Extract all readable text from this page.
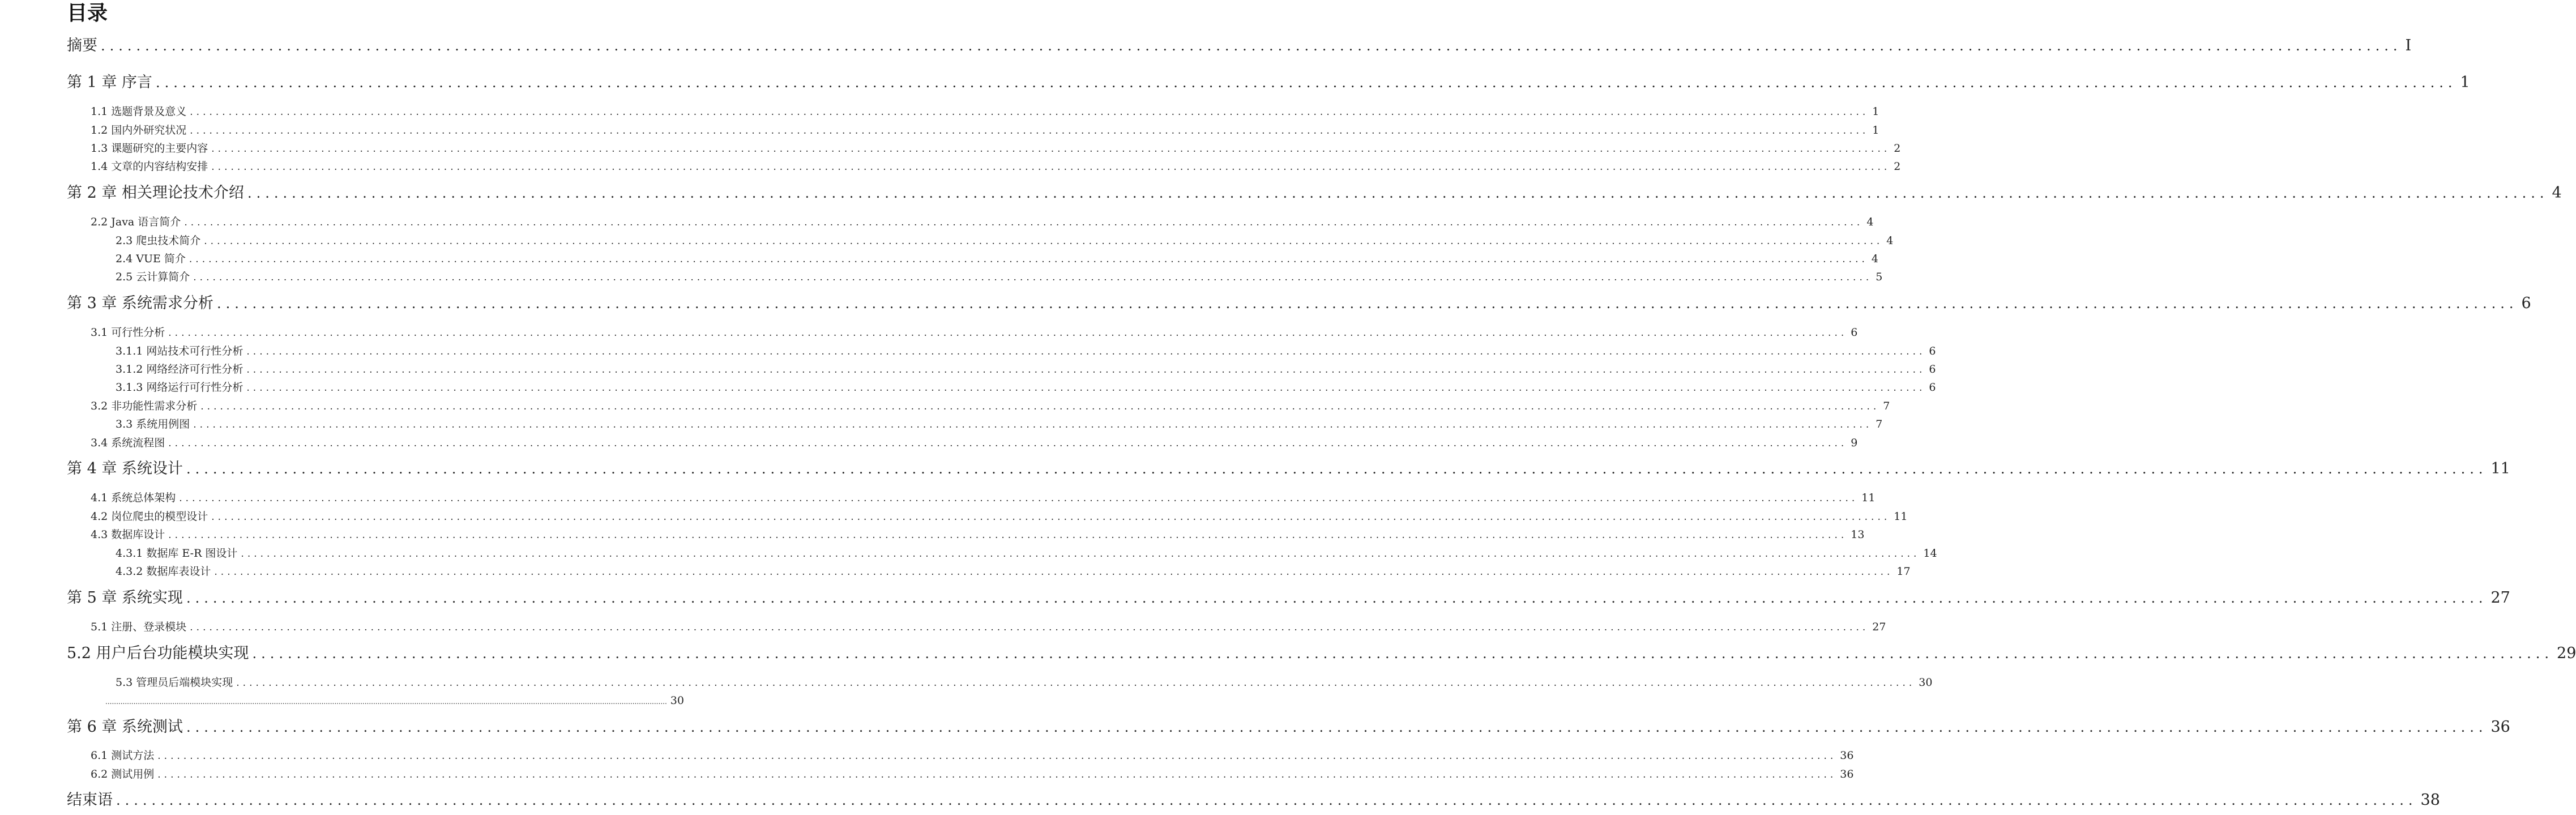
目录
摘要 .................................................................................................................................................................................................................................................................... I
第 1 章 序言 .................................................................................................................................................................................................................................................................... 1
1.1 选题背景及意义 .................................................................................................................................................................................................................................................................... 1
1.2 国内外研究状况 .................................................................................................................................................................................................................................................................... 1
1.3 课题研究的主要内容 .................................................................................................................................................................................................................................................................... 2
1.4 文章的内容结构安排 .................................................................................................................................................................................................................................................................... 2
第 2 章 相关理论技术介绍 .................................................................................................................................................................................................................................................................... 4
2.2 Java 语言简介 .................................................................................................................................................................................................................................................................... 4
2.3 爬虫技术简介 .................................................................................................................................................................................................................................................................... 4
2.4 VUE 简介 .................................................................................................................................................................................................................................................................... 4
2.5 云计算简介 .................................................................................................................................................................................................................................................................... 5
第 3 章 系统需求分析 .................................................................................................................................................................................................................................................................... 6
3.1 可行性分析 .................................................................................................................................................................................................................................................................... 6
3.1.1 网站技术可行性分析 .................................................................................................................................................................................................................................................................... 6
3.1.2 网络经济可行性分析 .................................................................................................................................................................................................................................................................... 6
3.1.3 网络运行可行性分析 .................................................................................................................................................................................................................................................................... 6
3.2 非功能性需求分析 .................................................................................................................................................................................................................................................................... 7
3.3 系统用例图 .................................................................................................................................................................................................................................................................... 7
3.4 系统流程图 .................................................................................................................................................................................................................................................................... 9
第 4 章 系统设计 .................................................................................................................................................................................................................................................................... 11
4.1 系统总体架构 .................................................................................................................................................................................................................................................................... 11
4.2 岗位爬虫的模型设计 .................................................................................................................................................................................................................................................................... 11
4.3 数据库设计 .................................................................................................................................................................................................................................................................... 13
4.3.1 数据库 E-R 图设计 .................................................................................................................................................................................................................................................................... 14
4.3.2 数据库表设计 .................................................................................................................................................................................................................................................................... 17
第 5 章 系统实现 .................................................................................................................................................................................................................................................................... 27
5.1 注册、登录模块 .................................................................................................................................................................................................................................................................... 27
5.2 用户后台功能模块实现 .................................................................................................................................................................................................................................................................... 29
5.3 管理员后端模块实现 .................................................................................................................................................................................................................................................................... 30
.................................................................................................................................................................................................................................................................... 30
第 6 章 系统测试 .................................................................................................................................................................................................................................................................... 36
6.1 测试方法 .................................................................................................................................................................................................................................................................... 36
6.2 测试用例 .................................................................................................................................................................................................................................................................... 36
结束语 .................................................................................................................................................................................................................................................................... 38
